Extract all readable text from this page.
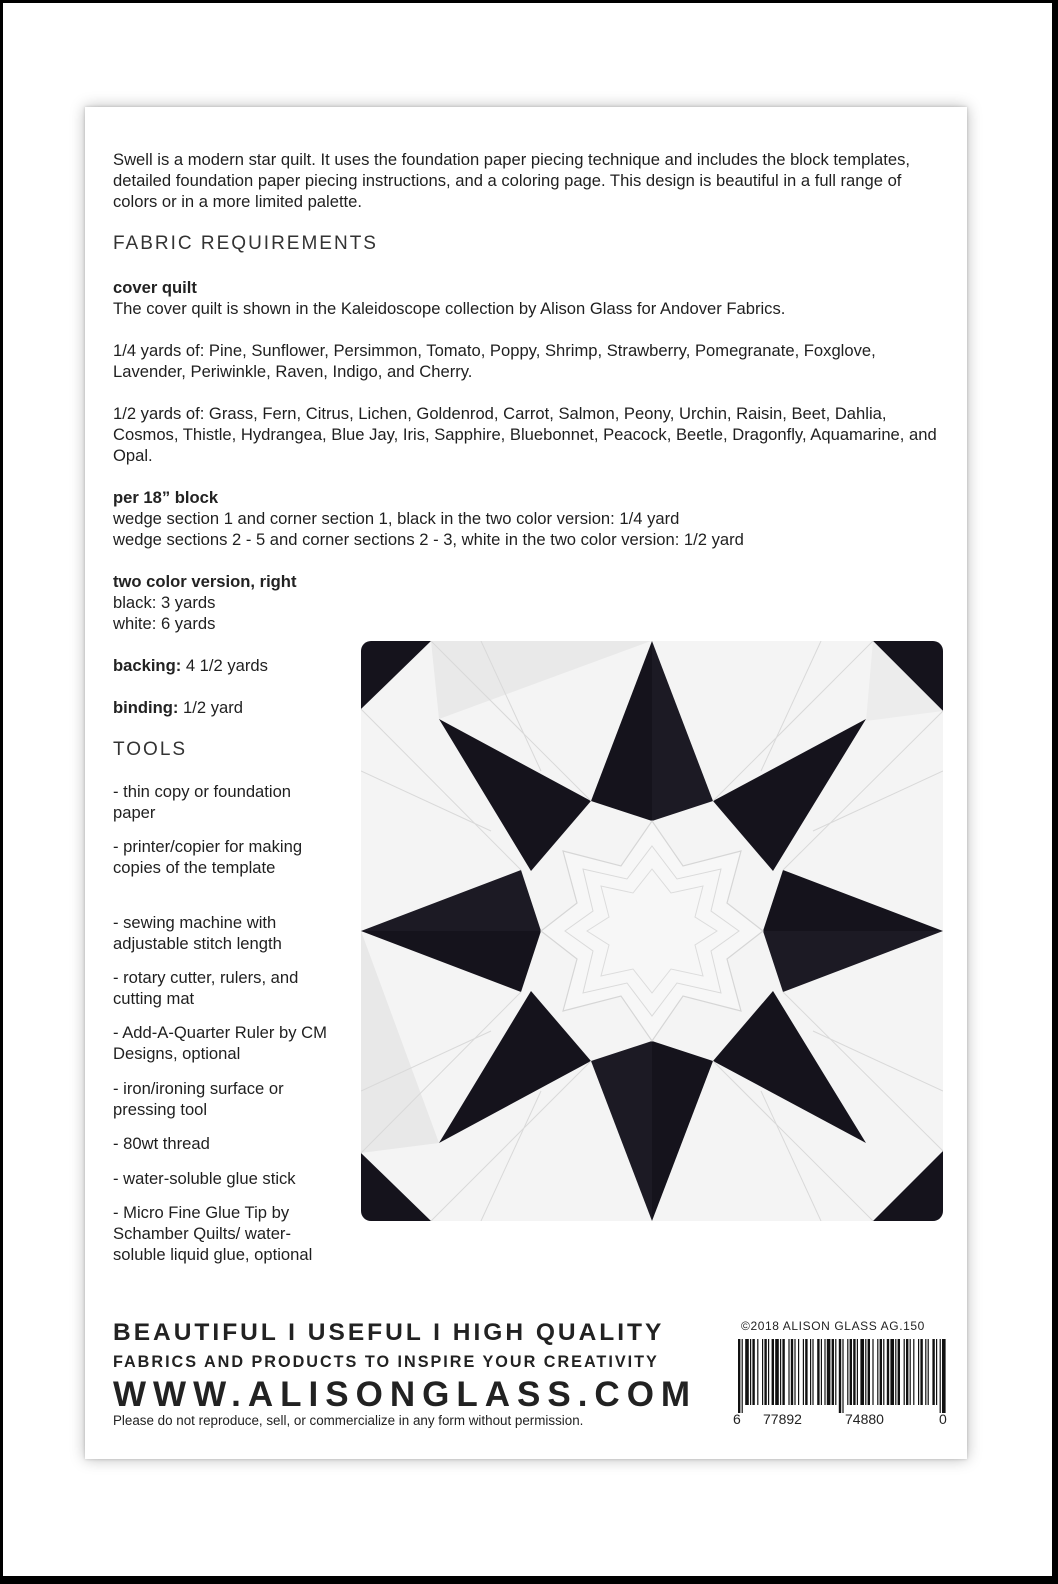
Swell is a modern star quilt. It uses the foundation paper piecing technique and includes the block templates, detailed foundation paper piecing instructions, and a coloring page. This design is beautiful in a full range of colors or in a more limited palette.
FABRIC REQUIREMENTS
cover quilt
The cover quilt is shown in the Kaleidoscope collection by Alison Glass for Andover Fabrics.
1/4 yards of: Pine, Sunflower, Persimmon, Tomato, Poppy, Shrimp, Strawberry, Pomegranate, Foxglove, Lavender, Periwinkle, Raven, Indigo, and Cherry.
1/2 yards of: Grass, Fern, Citrus, Lichen, Goldenrod, Carrot, Salmon, Peony, Urchin, Raisin, Beet, Dahlia, Cosmos, Thistle, Hydrangea, Blue Jay, Iris, Sapphire, Bluebonnet, Peacock, Beetle, Dragonfly, Aquamarine, and Opal.
per 18” block
wedge section 1 and corner section 1, black in the two color version: 1/4 yard
wedge sections 2 - 5 and corner sections 2 - 3, white in the two color version: 1/2 yard
two color version, right
black: 3 yards
white: 6 yards
backing: 4 1/2 yards
binding: 1/2 yard
TOOLS
- thin copy or foundation paper
- printer/copier for making copies of the template
- sewing machine with adjustable stitch length
- rotary cutter, rulers, and cutting mat
- Add-A-Quarter Ruler by CM Designs, optional
- iron/ironing surface or pressing tool
- 80wt thread
- water-soluble glue stick
- Micro Fine Glue Tip by Schamber Quilts/ water-soluble liquid glue, optional
BEAUTIFUL I USEFUL I HIGH QUALITY
FABRICS AND PRODUCTS TO INSPIRE YOUR CREATIVITY
WWW.ALISONGLASS.COM
Please do not reproduce, sell, or commercialize in any form without permission.
©2018 ALISON GLASS AG.150
6 77892	74880	0
